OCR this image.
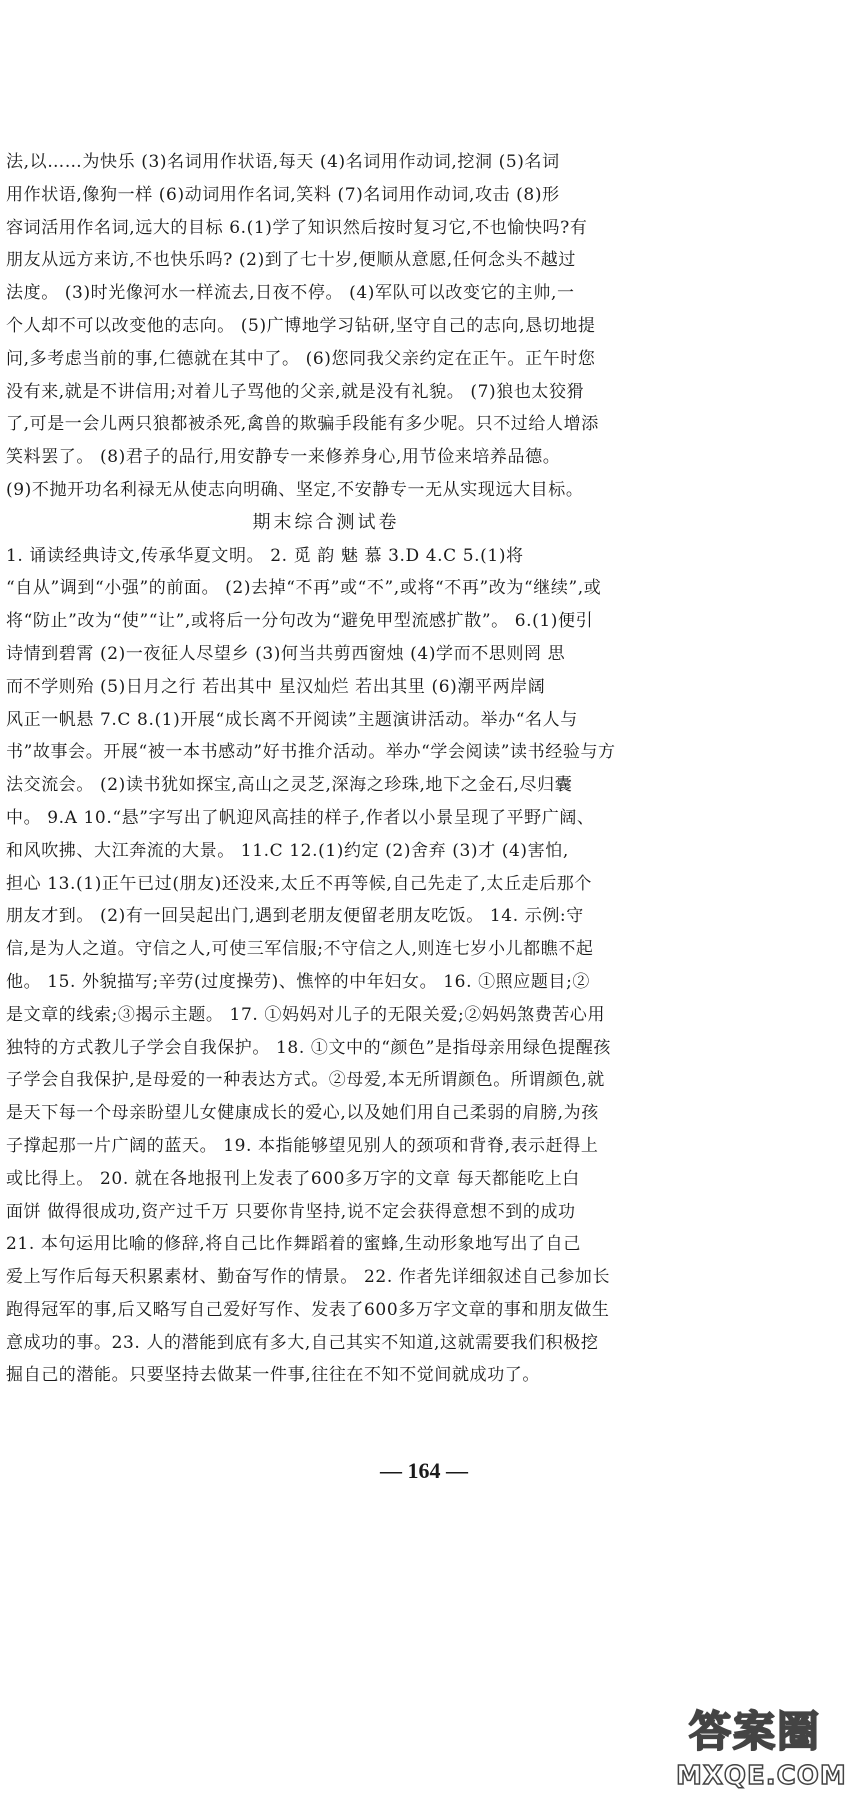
法,以……为快乐 (3)名词用作状语,每天 (4)名词用作动词,挖洞 (5)名词
用作状语,像狗一样 (6)动词用作名词,笑料 (7)名词用作动词,攻击 (8)形
容词活用作名词,远大的目标 6.(1)学了知识然后按时复习它,不也愉快吗?有
朋友从远方来访,不也快乐吗? (2)到了七十岁,便顺从意愿,任何念头不越过
法度。 (3)时光像河水一样流去,日夜不停。 (4)军队可以改变它的主帅,一
个人却不可以改变他的志向。 (5)广博地学习钻研,坚守自己的志向,恳切地提
问,多考虑当前的事,仁德就在其中了。 (6)您同我父亲约定在正午。正午时您
没有来,就是不讲信用;对着儿子骂他的父亲,就是没有礼貌。 (7)狼也太狡猾
了,可是一会儿两只狼都被杀死,禽兽的欺骗手段能有多少呢。只不过给人增添
笑料罢了。 (8)君子的品行,用安静专一来修养身心,用节俭来培养品德。
(9)不抛开功名利禄无从使志向明确、坚定,不安静专一无从实现远大目标。
期末综合测试卷
1. 诵读经典诗文,传承华夏文明。 2. 觅 韵 魅 慕 3.D 4.C 5.(1)将
“自从”调到“小强”的前面。 (2)去掉“不再”或“不”,或将“不再”改为“继续”,或
将“防止”改为“使”“让”,或将后一分句改为“避免甲型流感扩散”。 6.(1)便引
诗情到碧霄 (2)一夜征人尽望乡 (3)何当共剪西窗烛 (4)学而不思则罔 思
而不学则殆 (5)日月之行 若出其中 星汉灿烂 若出其里 (6)潮平两岸阔
风正一帆悬 7.C 8.(1)开展“成长离不开阅读”主题演讲活动。举办“名人与
书”故事会。开展“被一本书感动”好书推介活动。举办“学会阅读”读书经验与方
法交流会。 (2)读书犹如探宝,高山之灵芝,深海之珍珠,地下之金石,尽归囊
中。 9.A 10.“悬”字写出了帆迎风高挂的样子,作者以小景呈现了平野广阔、
和风吹拂、大江奔流的大景。 11.C 12.(1)约定 (2)舍弃 (3)才 (4)害怕,
担心 13.(1)正午已过(朋友)还没来,太丘不再等候,自己先走了,太丘走后那个
朋友才到。 (2)有一回吴起出门,遇到老朋友便留老朋友吃饭。 14. 示例:守
信,是为人之道。守信之人,可使三军信服;不守信之人,则连七岁小儿都瞧不起
他。 15. 外貌描写;辛劳(过度操劳)、憔悴的中年妇女。 16. ①照应题目;②
是文章的线索;③揭示主题。 17. ①妈妈对儿子的无限关爱;②妈妈煞费苦心用
独特的方式教儿子学会自我保护。 18. ①文中的“颜色”是指母亲用绿色提醒孩
子学会自我保护,是母爱的一种表达方式。②母爱,本无所谓颜色。所谓颜色,就
是天下每一个母亲盼望儿女健康成长的爱心,以及她们用自己柔弱的肩膀,为孩
子撑起那一片广阔的蓝天。 19. 本指能够望见别人的颈项和背脊,表示赶得上
或比得上。 20. 就在各地报刊上发表了600多万字的文章 每天都能吃上白
面饼 做得很成功,资产过千万 只要你肯坚持,说不定会获得意想不到的成功
21. 本句运用比喻的修辞,将自己比作舞蹈着的蜜蜂,生动形象地写出了自己
爱上写作后每天积累素材、勤奋写作的情景。 22. 作者先详细叙述自己参加长
跑得冠军的事,后又略写自己爱好写作、发表了600多万字文章的事和朋友做生
意成功的事。23. 人的潜能到底有多大,自己其实不知道,这就需要我们积极挖
掘自己的潜能。只要坚持去做某一件事,往往在不知不觉间就成功了。
— 164 —
答案圈
MXQE.COM
